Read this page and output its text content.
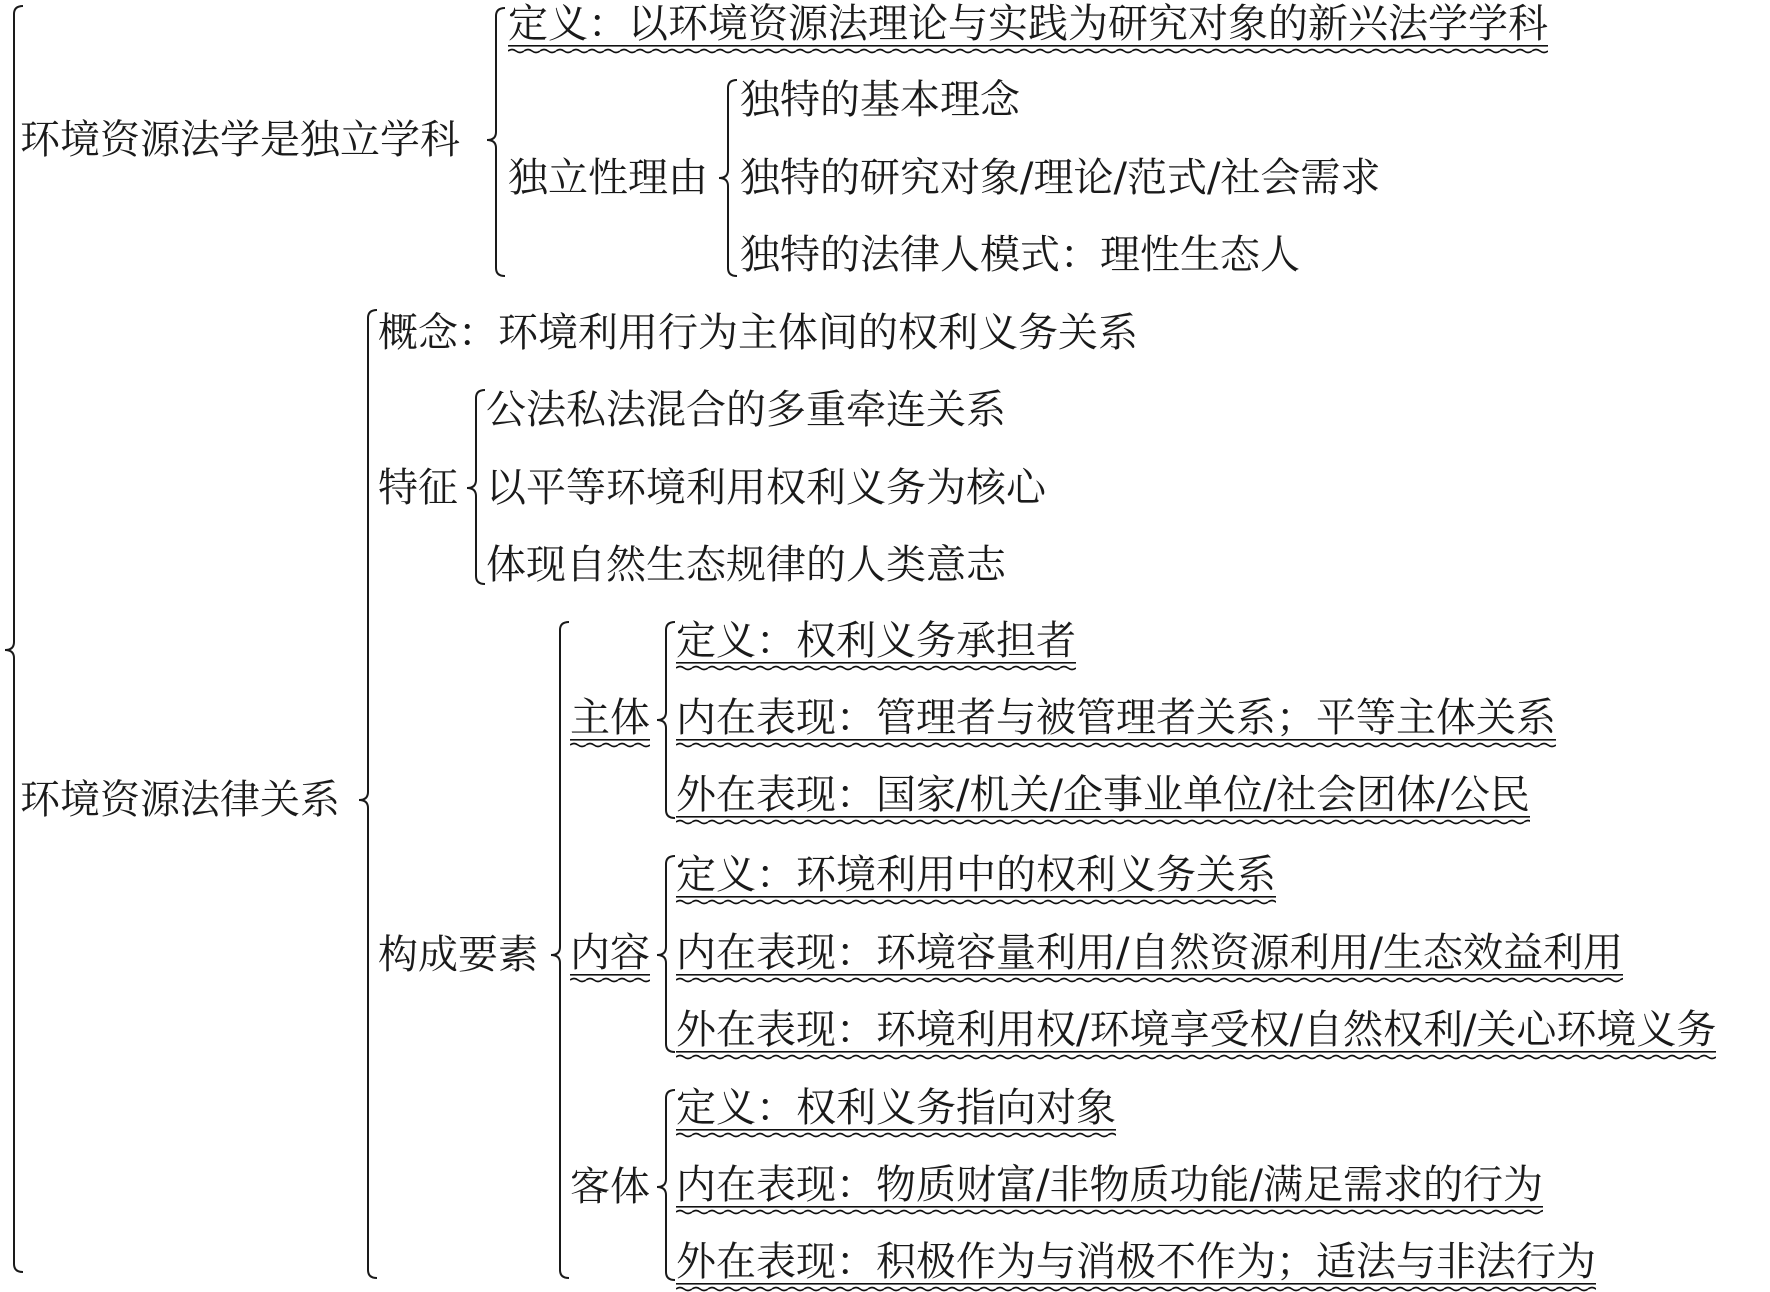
环境资源法学是独立学科
环境资源法律关系
定义：以环境资源法理论与实践为研究对象的新兴法学学科
独立性理由
独特的基本理念
独特的研究对象/理论/范式/社会需求
独特的法律人模式：理性生态人
概念：环境利用行为主体间的权利义务关系
特征
公法私法混合的多重牵连关系
以平等环境利用权利义务为核心
体现自然生态规律的人类意志
构成要素
主体
定义：权利义务承担者
内在表现：管理者与被管理者关系；平等主体关系
外在表现：国家/机关/企事业单位/社会团体/公民
内容
定义：环境利用中的权利义务关系
内在表现：环境容量利用/自然资源利用/生态效益利用
外在表现：环境利用权/环境享受权/自然权利/关心环境义务
客体
定义：权利义务指向对象
内在表现：物质财富/非物质功能/满足需求的行为
外在表现：积极作为与消极不作为；适法与非法行为
